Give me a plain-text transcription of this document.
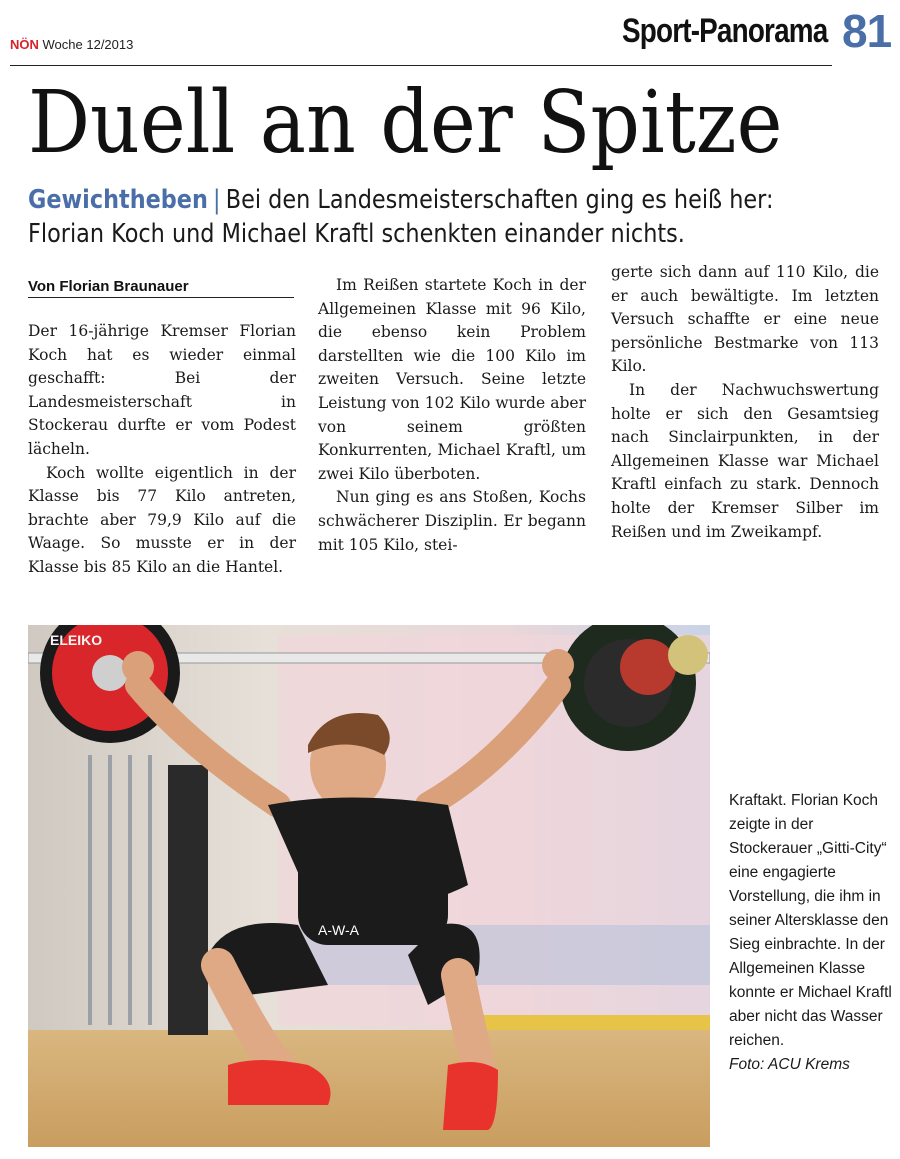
NÖN Woche 12/2013	Sport-Panorama 81
Duell an der Spitze
Gewichtheben | Bei den Landesmeisterschaften ging es heiß her: Florian Koch und Michael Kraftl schenkten einander nichts.
Von Florian Braunauer

Der 16-jährige Kremser Florian Koch hat es wieder einmal geschafft: Bei der Landesmeisterschaft in Stockerau durfte er vom Podest lächeln.

Koch wollte eigentlich in der Klasse bis 77 Kilo antreten, brachte aber 79,9 Kilo auf die Waage. So musste er in der Klasse bis 85 Kilo an die Hantel.

Im Reißen startete Koch in der Allgemeinen Klasse mit 96 Kilo, die ebenso kein Problem darstellten wie die 100 Kilo im zweiten Versuch. Seine letzte Leistung von 102 Kilo wurde aber von seinem größten Konkurrenten, Michael Kraftl, um zwei Kilo überboten.

Nun ging es ans Stoßen, Kochs schwächerer Disziplin. Er begann mit 105 Kilo, stei-

gerte sich dann auf 110 Kilo, die er auch bewältigte. Im letzten Versuch schaffte er eine neue persönliche Bestmarke von 113 Kilo.

In der Nachwuchswertung holte er sich den Gesamtsieg nach Sinclairpunkten, in der Allgemeinen Klasse war Michael Kraftl einfach zu stark. Dennoch holte der Kremser Silber im Reißen und im Zweikampf.

ELEIKO
A-W-A
Kraftakt. Florian Koch zeigte in der Stockerauer „Gitti-City“ eine engagierte Vorstellung, die ihm in seiner Altersklasse den Sieg einbrachte. In der Allgemeinen Klasse konnte er Michael Kraftl aber nicht das Wasser reichen.
Foto: ACU Krems
